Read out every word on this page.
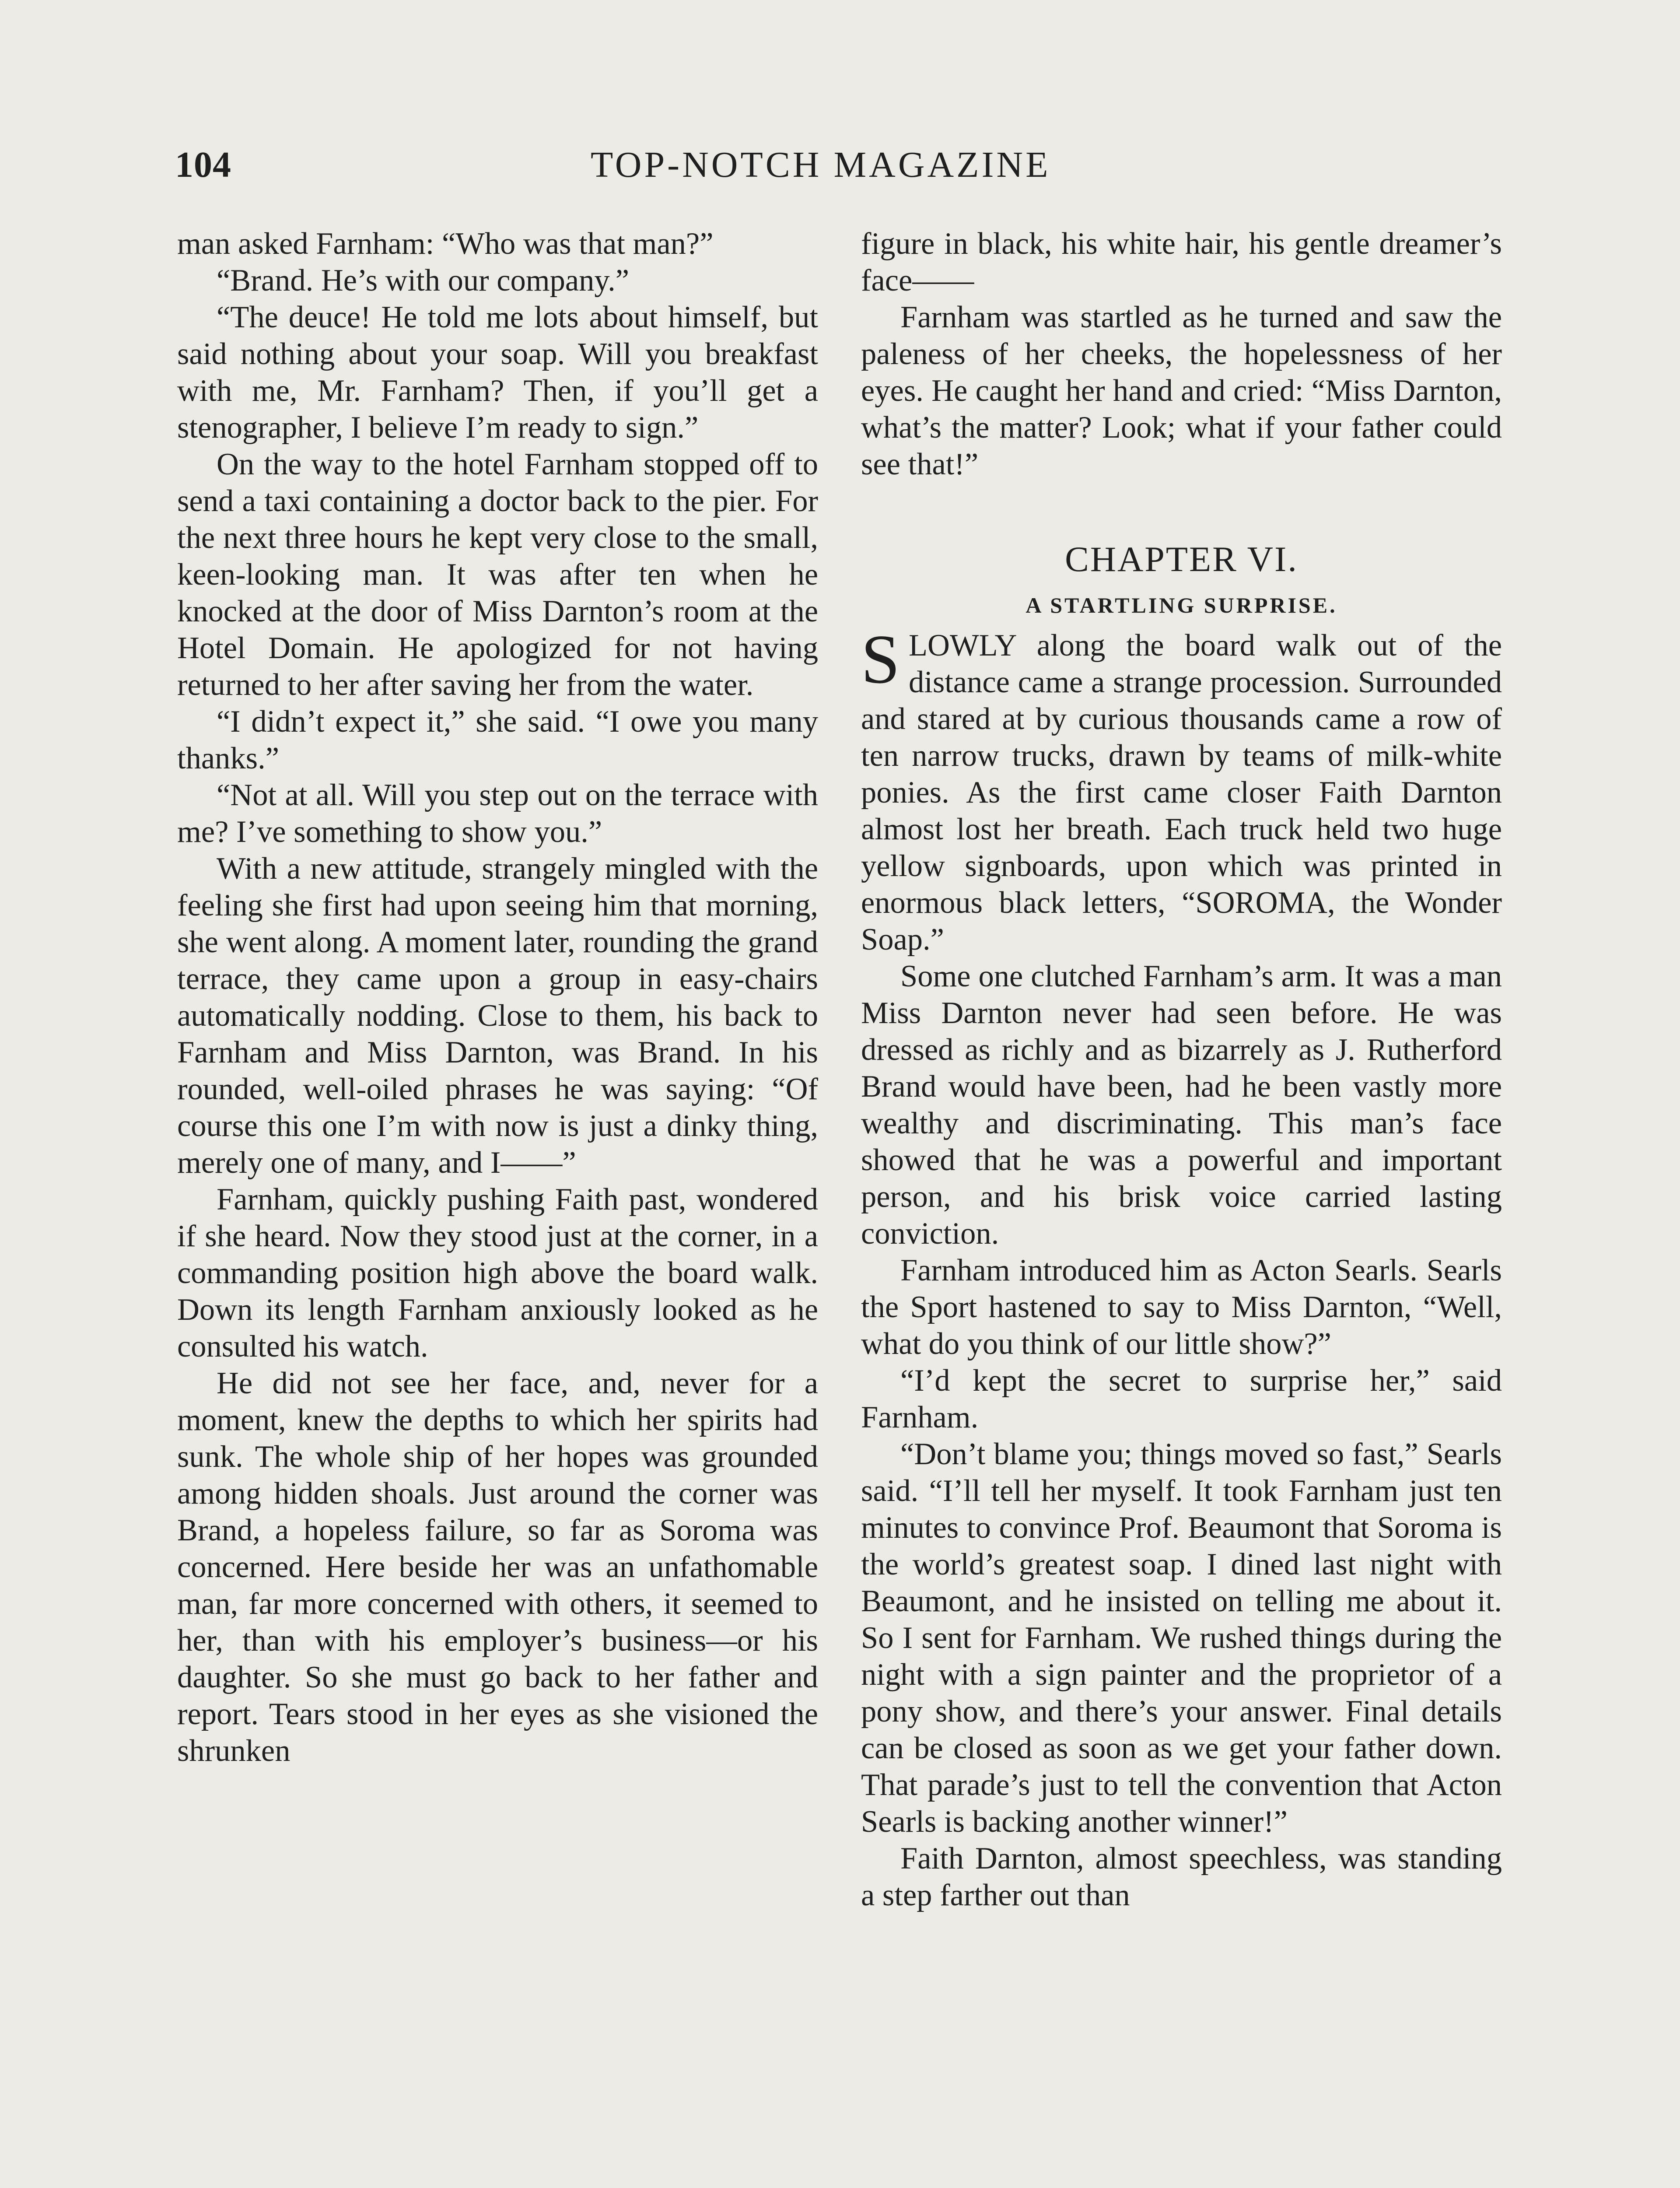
104	TOP-NOTCH MAGAZINE

man asked Farnham: “Who was that man?”

“Brand. He’s with our company.”

“The deuce! He told me lots about himself, but said nothing about your soap. Will you breakfast with me, Mr. Farnham? Then, if you’ll get a stenographer, I believe I’m ready to sign.”

On the way to the hotel Farnham stopped off to send a taxi containing a doctor back to the pier. For the next three hours he kept very close to the small, keen-looking man. It was after ten when he knocked at the door of Miss Darnton’s room at the Hotel Domain. He apologized for not having returned to her after saving her from the water.

“I didn’t expect it,” she said. “I owe you many thanks.”

“Not at all. Will you step out on the terrace with me? I’ve something to show you.”

With a new attitude, strangely mingled with the feeling she first had upon seeing him that morning, she went along. A moment later, rounding the grand terrace, they came upon a group in easy-chairs automatically nodding. Close to them, his back to Farnham and Miss Darnton, was Brand. In his rounded, well-oiled phrases he was saying: “Of course this one I’m with now is just a dinky thing, merely one of many, and I——”

Farnham, quickly pushing Faith past, wondered if she heard. Now they stood just at the corner, in a commanding position high above the board walk. Down its length Farnham anxiously looked as he consulted his watch.

He did not see her face, and, never for a moment, knew the depths to which her spirits had sunk. The whole ship of her hopes was grounded among hidden shoals. Just around the corner was Brand, a hopeless failure, so far as Soroma was concerned. Here beside her was an unfathomable man, far more concerned with others, it seemed to her, than with his employer’s business—or his daughter. So she must go back to her father and report. Tears stood in her eyes as she visioned the shrunken

figure in black, his white hair, his gentle dreamer’s face——

Farnham was startled as he turned and saw the paleness of her cheeks, the hopelessness of her eyes. He caught her hand and cried: “Miss Darnton, what’s the matter? Look; what if your father could see that!”

CHAPTER VI.
A STARTLING SURPRISE.

SLOWLY along the board walk out of the distance came a strange procession. Surrounded and stared at by curious thousands came a row of ten narrow trucks, drawn by teams of milk-white ponies. As the first came closer Faith Darnton almost lost her breath. Each truck held two huge yellow signboards, upon which was printed in enormous black letters, “SOROMA, the Wonder Soap.”

Some one clutched Farnham’s arm. It was a man Miss Darnton never had seen before. He was dressed as richly and as bizarrely as J. Rutherford Brand would have been, had he been vastly more wealthy and discriminating. This man’s face showed that he was a powerful and important person, and his brisk voice carried lasting conviction.

Farnham introduced him as Acton Searls. Searls the Sport hastened to say to Miss Darnton, “Well, what do you think of our little show?”

“I’d kept the secret to surprise her,” said Farnham.

“Don’t blame you; things moved so fast,” Searls said. “I’ll tell her myself. It took Farnham just ten minutes to convince Prof. Beaumont that Soroma is the world’s greatest soap. I dined last night with Beaumont, and he insisted on telling me about it. So I sent for Farnham. We rushed things during the night with a sign painter and the proprietor of a pony show, and there’s your answer. Final details can be closed as soon as we get your father down. That parade’s just to tell the convention that Acton Searls is backing another winner!”

Faith Darnton, almost speechless, was standing a step farther out than
